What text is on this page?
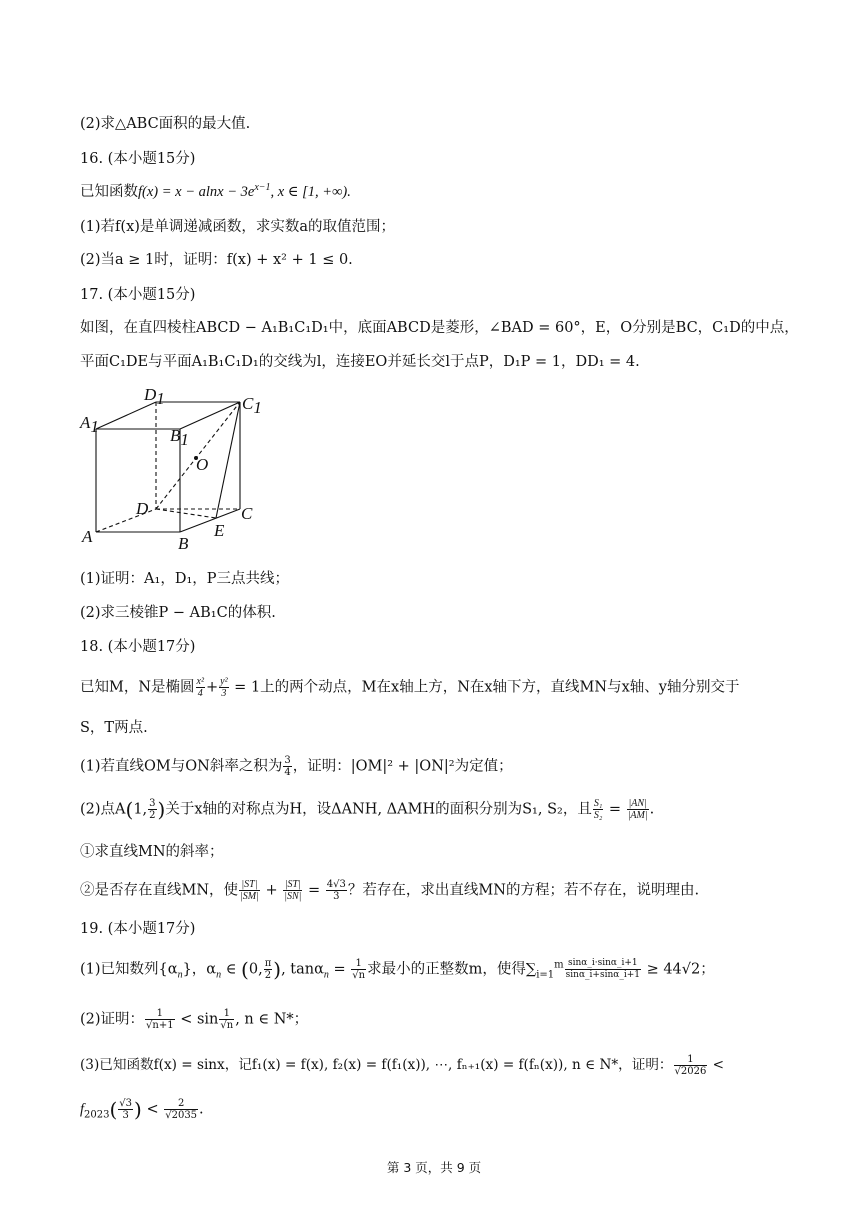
(2)求△ABC面积的最大值.
16. (本小题15分)
已知函数$f(x) = x - alnx - 3e^{x-1}$, x ∈ [1, +∞).
(1)若f(x)是单调递减函数，求实数a的取值范围；
(2)当a ≥ 1时，证明：f(x) + x² + 1 ≤ 0.
17. (本小题15分)
如图，在直四棱柱ABCD − A₁B₁C₁D₁中，底面ABCD是菱形，∠BAD = 60°，E，O分别是BC，C₁D的中点，
平面C₁DE与平面A₁B₁C₁D₁的交线为l，连接EO并延长交l于点P，D₁P = 1，DD₁ = 4.
A1
D1	C1
B1
O
D	C
A	B
E
(1)证明：A₁，D₁，P三点共线；
(2)求三棱锥P − AB₁C的体积.
18. (本小题17分)
已知M，N是椭圆 $\frac{\text{x²}}{4} + \frac{\text{y²}}{3} = 1$上的两个动点，M在x轴上方，N在x轴下方，直线MN与x轴、y轴分别交于
S，T两点.
(1)若直线OM与ON斜率之积为 $\frac{3}{4}$ ，证明：|OM|² + |ON|²为定值；
(2)点A(1, $\frac{3}{2}$ )关于x轴的对称点为H，设ΔANH, ΔAMH的面积分别为S₁, S₂，且 $\frac{\text{S₁}}{\text{S₂}} = \frac{|AN|}{|AM|}$ .
①求直线MN的斜率；
②是否存在直线MN，使 $\frac{|ST|}{|SM|} + \frac{|ST|}{|SN|} = \frac{4√3}{3}$ ？若存在，求出直线MN的方程；若不存在，说明理由.
19. (本小题17分)
(1)已知数列$\{\alpha_n\}$，$\alpha_n$ ∈ (0, $\frac{\pi}{2}$ ), $\tan\alpha_n = \frac{1}{√n}$ 求最小的正整数m，使得$\sum_{i=1}^m \frac{\sin\alpha\_i\cdot\sin\alpha\_i+1}{\sin\alpha\_i+\sin\alpha\_i+1} \ge 44√2$；
(2)证明： $\frac{1}{√n+1} < \sin \frac{1}{√n}$ , n ∈ N*；
(3)已知函数f(x) = sinx，记f₁(x) = f(x), f₂(x) = f(f₁(x)), ⋯, fₙ₊₁(x) = f(fₙ(x)), n ∈ N*，证明： $\frac{1}{√2026}$ <
$f_{2023}( \frac{√3}{3}$ ) < $\frac{2}{√2035}$ .
第 3 页，共 9 页
